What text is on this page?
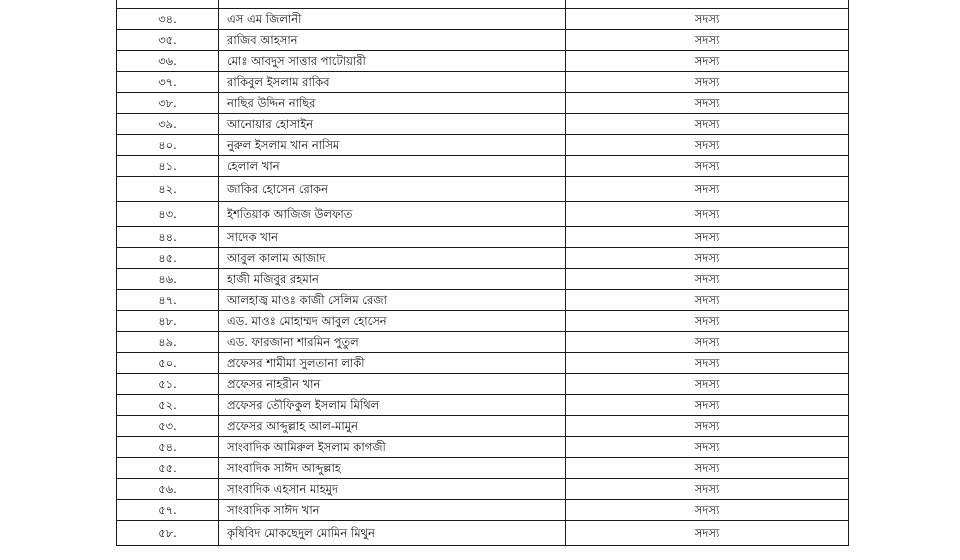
৩৪.	এস এম জিলানী	সদস্য
৩৫.	রাজিব আহসান	সদস্য
৩৬.	মোঃ আবদুস সাত্তার পাটোয়ারী	সদস্য
৩৭.	রাকিবুল ইসলাম রাকিব	সদস্য
৩৮.	নাছির উদ্দিন নাছির	সদস্য
৩৯.	আনোয়ার হোসাইন	সদস্য
৪০.	নুরুল ইসলাম খান নাসিম	সদস্য
৪১.	হেলাল খান	সদস্য
৪২.	জাকির হোসেন রোকন	সদস্য
৪৩.	ইশতিয়াক আজিজ উলফাত	সদস্য
৪৪.	সাদেক খান	সদস্য
৪৫.	আবুল কালাম আজাদ	সদস্য
৪৬.	হাজী মজিবুর রহমান	সদস্য
৪৭.	আলহাজ্ব মাওঃ কাজী সেলিম রেজা	সদস্য
৪৮.	এড. মাওঃ মোহাম্মদ আবুল হোসেন	সদস্য
৪৯.	এড. ফারজানা শারমিন পুতুল	সদস্য
৫০.	প্রফেসর শামীমা সুলতানা লাকী	সদস্য
৫১.	প্রফেসর নাহরীন খান	সদস্য
৫২.	প্রফেসর তৌফিকুল ইসলাম মিথিল	সদস্য
৫৩.	প্রফেসর আব্দুল্লাহ আল-মামুন	সদস্য
৫৪.	সাংবাদিক আমিরুল ইসলাম কাগজী	সদস্য
৫৫.	সাংবাদিক সাঈদ আব্দুল্লাহ	সদস্য
৫৬.	সাংবাদিক এহসান মাহমুদ	সদস্য
৫৭.	সাংবাদিক সাঈদ খান	সদস্য
৫৮.	কৃষিবিদ মোকছেদুল মোমিন মিথুন	সদস্য
